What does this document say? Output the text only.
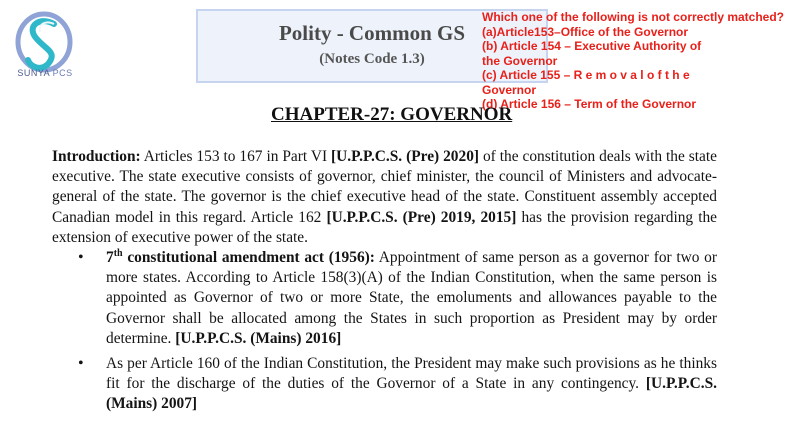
SUNYA PCS
Polity - Common GS
(Notes Code 1.3)
Which one of the following is not correctly matched?
(a)Article153–Office of the Governor
(b) Article 154 – Executive Authority of
the Governor
(c) Article 155 – R e m o v a l o f t h e
Governor
(d) Article 156 – Term of the Governor
CHAPTER-27: GOVERNOR

Introduction: Articles 153 to 167 in Part VI [U.P.P.C.S. (Pre) 2020] of the constitution deals with the state executive. The state executive consists of governor, chief minister, the council of Ministers and advocate-general of the state. The governor is the chief executive head of the state. Constituent assembly accepted Canadian model in this regard. Article 162 [U.P.P.C.S. (Pre) 2019, 2015] has the provision regarding the extension of executive power of the state.

• 7th constitutional amendment act (1956): Appointment of same person as a governor for two or more states. According to Article 158(3)(A) of the Indian Constitution, when the same person is appointed as Governor of two or more State, the emoluments and allowances payable to the Governor shall be allocated among the States in such proportion as President may by order determine. [U.P.P.C.S. (Mains) 2016]
• As per Article 160 of the Indian Constitution, the President may make such provisions as he thinks fit for the discharge of the duties of the Governor of a State in any contingency. [U.P.P.C.S. (Mains) 2007]
